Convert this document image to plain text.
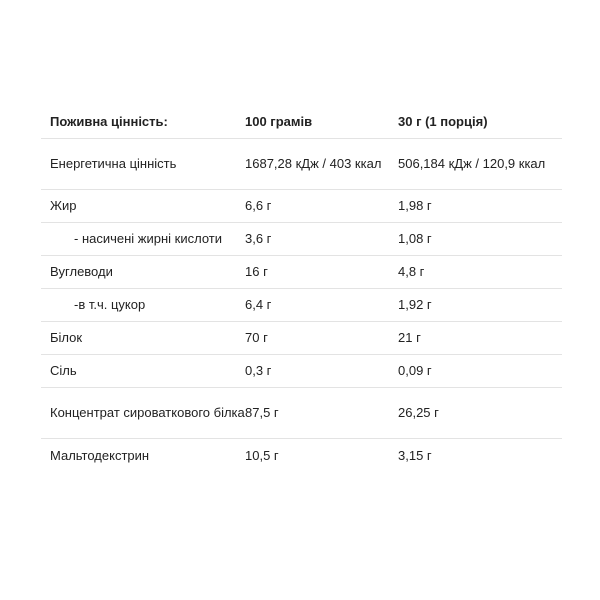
Поживна цінність:	100 грамів	30 г (1 порція)
Енергетична цінність	1687,28 кДж / 403 ккал	506,184 кДж / 120,9 ккал
Жир	6,6 г	1,98 г
- насичені жирні кислоти	3,6 г	1,08 г
Вуглеводи	16 г	4,8 г
-в т.ч. цукор	6,4 г	1,92 г
Білок	70 г	21 г
Сіль	0,3 г	0,09 г
Концентрат сироваткового білка 87,5 г	26,25 г
Мальтодекстрин	10,5 г	3,15 г
